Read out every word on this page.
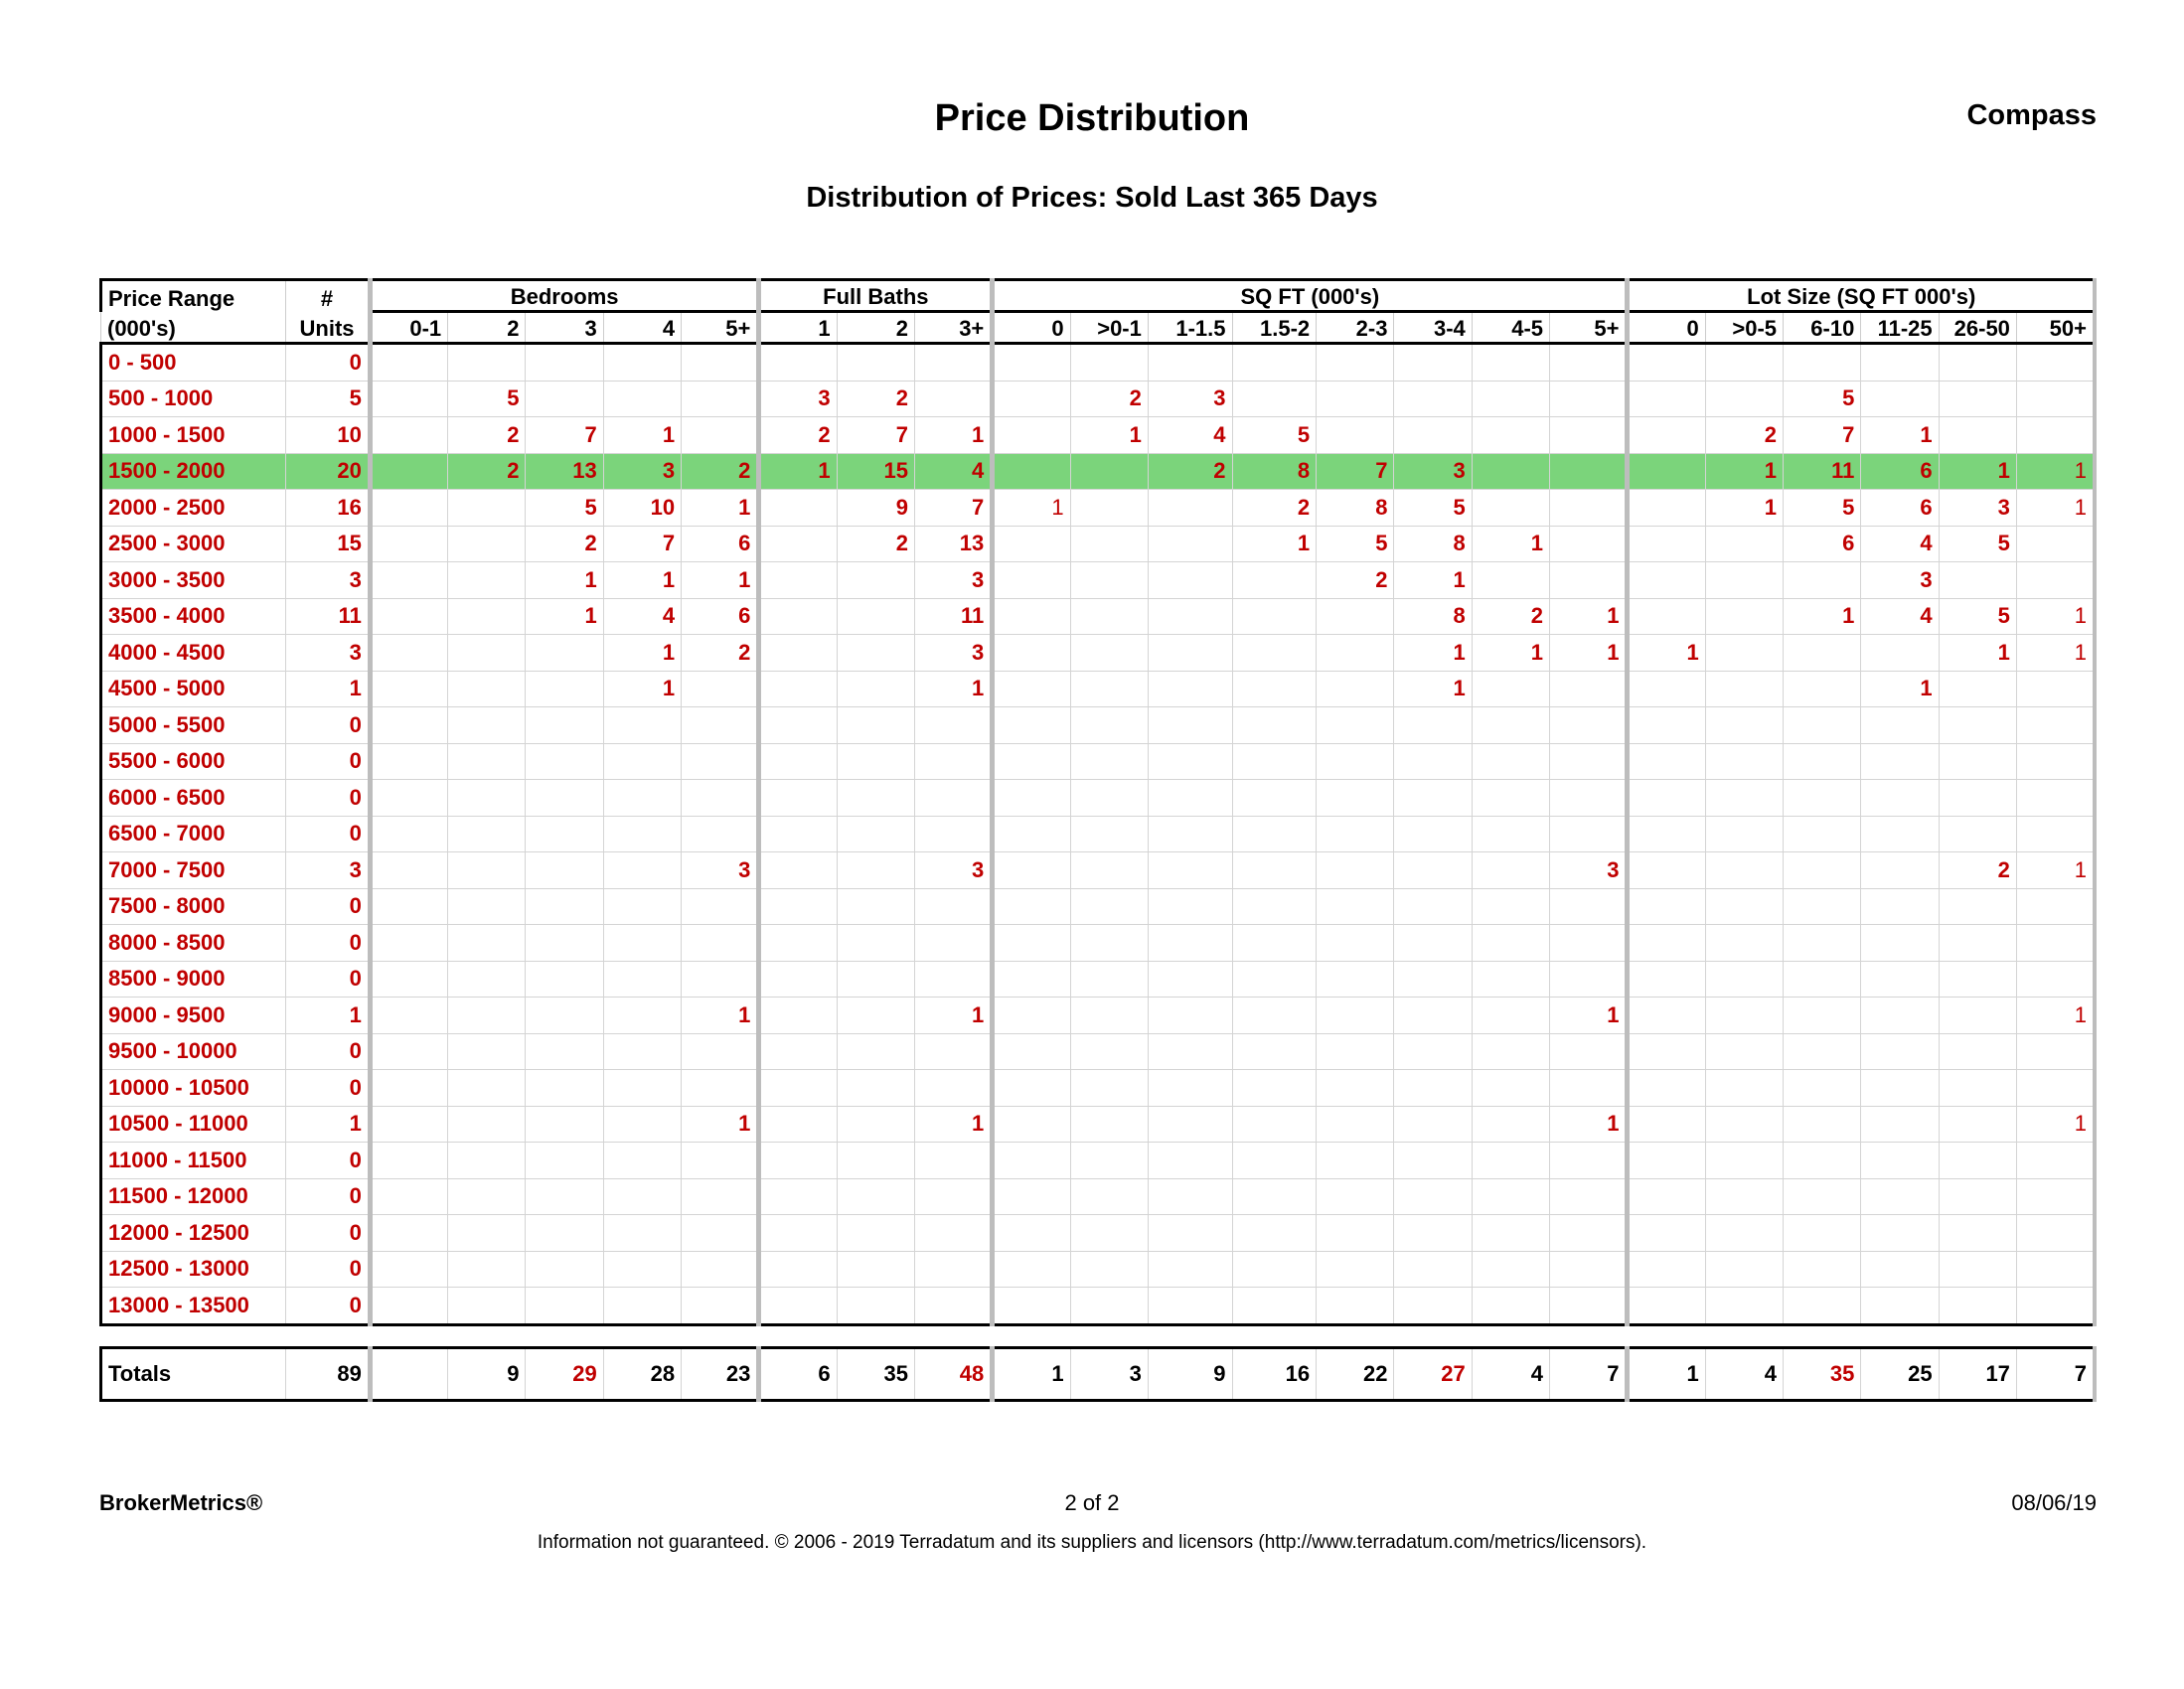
Price Distribution	Compass
Distribution of Prices: Sold Last 365 Days
Price Range	#	Bedrooms					Full Baths			SQ FT (000's)								Lot Size (SQ FT 000's)					
(000's)	Units	0-1	2	3	4	5+	1	2	3+	0	>0-1	1-1.5	1.5-2	2-3	3-4	4-5	5+	0	>0-5	6-10	11-25	26-50	50+
0 - 500	0																						
500 - 1000	5		5				3	2			2	3								5			
1000 - 1500	10		2	7	1		2	7	1		1	4	5						2	7	1		
1500 - 2000	20		2	13	3	2	1	15	4			2	8	7	3				1	11	6	1	1
2000 - 2500	16			5	10	1		9	7	1			2	8	5				1	5	6	3	1
2500 - 3000	15			2	7	6		2	13				1	5	8	1				6	4	5	
3000 - 3500	3			1	1	1			3					2	1						3		
3500 - 4000	11			1	4	6			11						8	2	1			1	4	5	1
4000 - 4500	3				1	2			3						1	1	1	1				1	1
4500 - 5000	1				1				1						1						1		
5000 - 5500	0																						
5500 - 6000	0																						
6000 - 6500	0																						
6500 - 7000	0																						
7000 - 7500	3					3			3								3					2	1
7500 - 8000	0																						
8000 - 8500	0																						
8500 - 9000	0																						
9000 - 9500	1					1			1								1						1
9500 - 10000	0																						
10000 - 10500	0																						
10500 - 11000	1					1			1								1						1
11000 - 11500	0																						
11500 - 12000	0																						
12000 - 12500	0																						
12500 - 13000	0																						
13000 - 13500	0																						

Totals	89		9	29	28	23	6	35	48	1	3	9	16	22	27	4	7	1	4	35	25	17	7
BrokerMetrics®	2 of 2	08/06/19
Information not guaranteed. © 2006 - 2019 Terradatum and its suppliers and licensors (http://www.terradatum.com/metrics/licensors).
